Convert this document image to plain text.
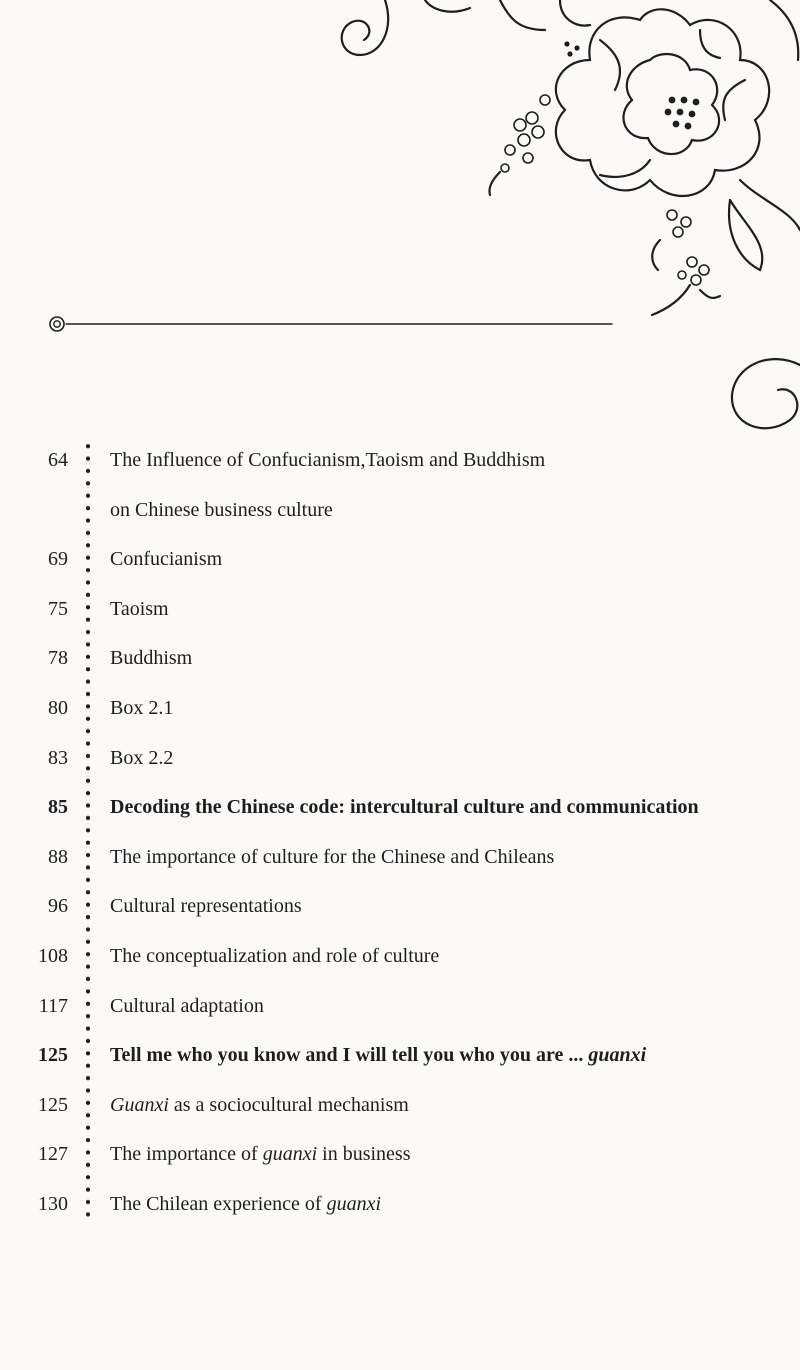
64 The Influence of Confucianism,Taoism and Buddhism
on Chinese business culture
69 Confucianism
75 Taoism
78 Buddhism
80 Box 2.1
83 Box 2.2
85 Decoding the Chinese code: intercultural culture and communication
88 The importance of culture for the Chinese and Chileans
96 Cultural representations
108 The conceptualization and role of culture
117 Cultural adaptation
125 Tell me who you know and I will tell you who you are ... guanxi
125 Guanxi as a sociocultural mechanism
127 The importance of guanxi in business
130 The Chilean experience of guanxi
